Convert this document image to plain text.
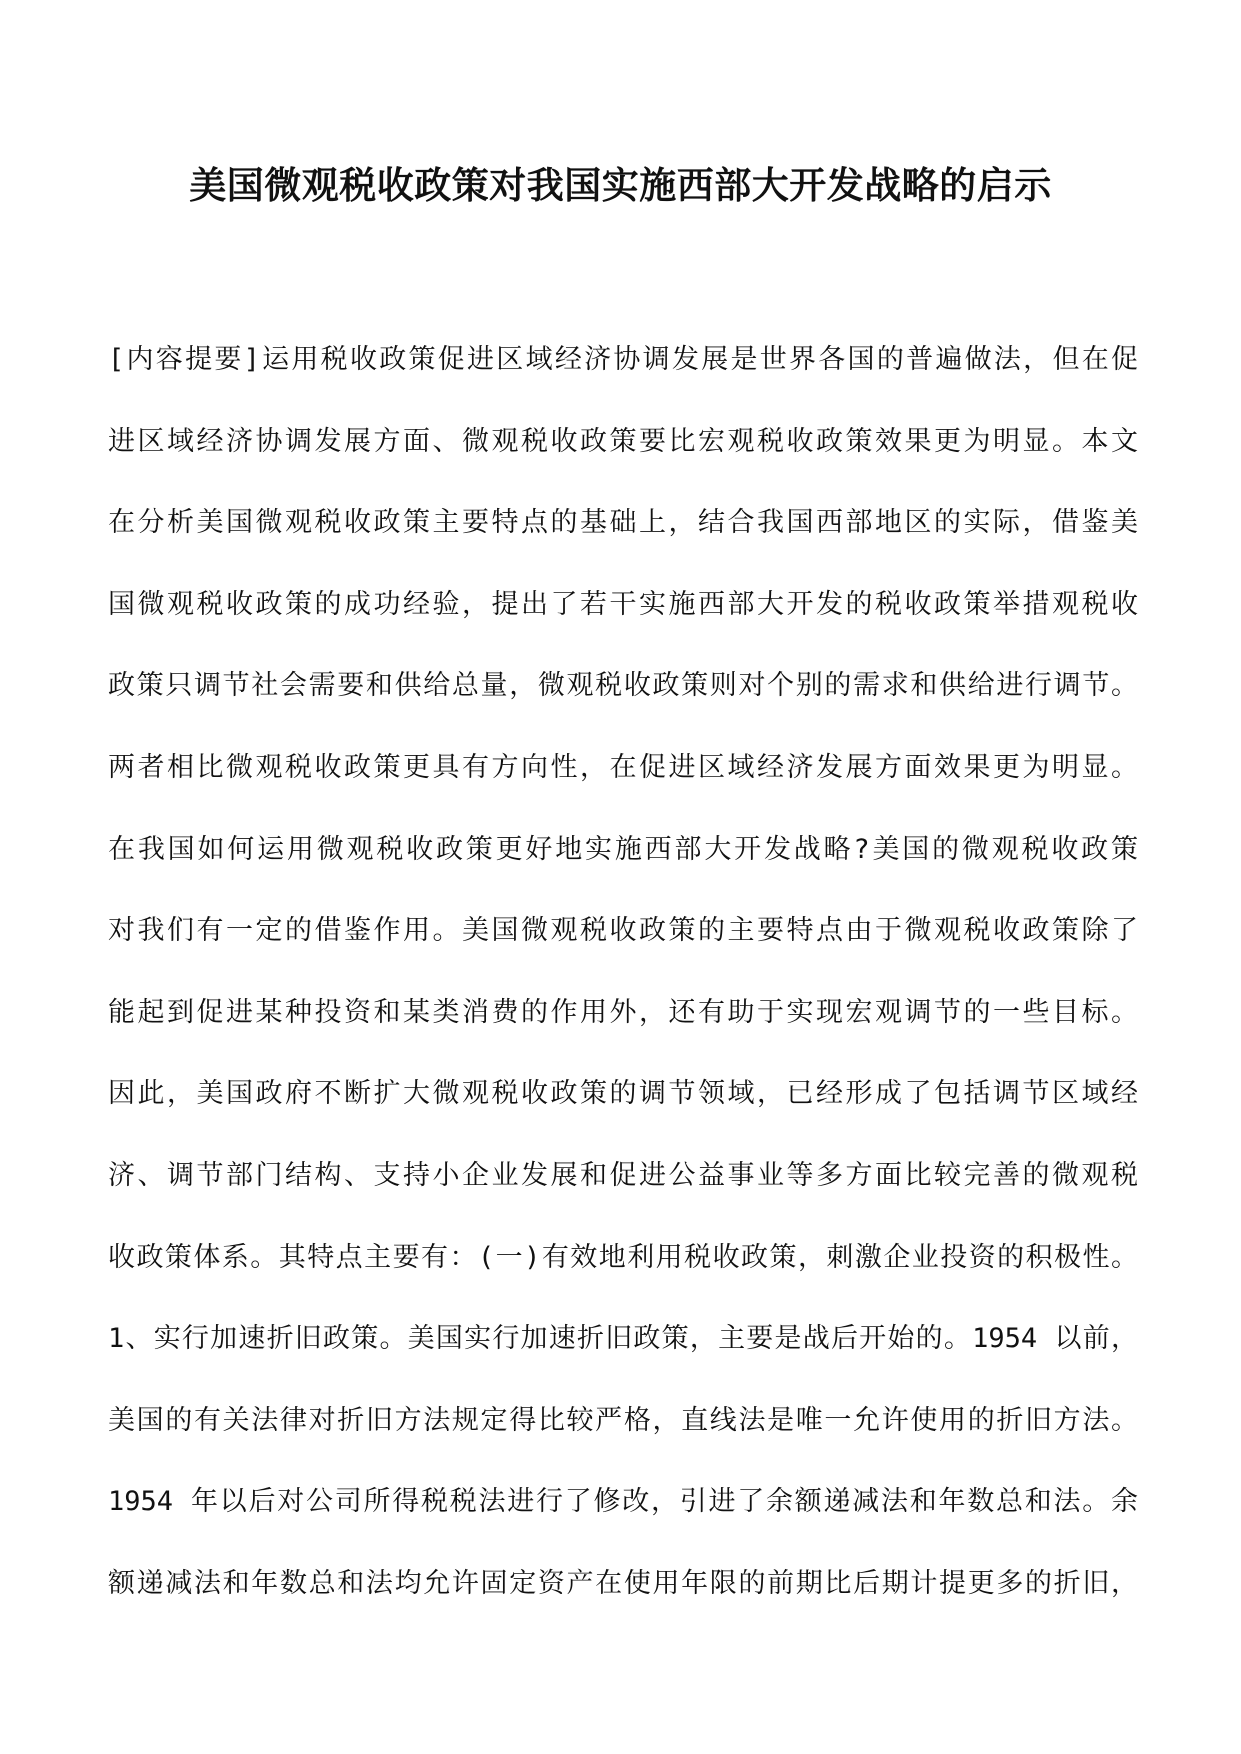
美国微观税收政策对我国实施西部大开发战略的启示
[内容提要]运用税收政策促进区域经济协调发展是世界各国的普遍做法，但在促
进区域经济协调发展方面、微观税收政策要比宏观税收政策效果更为明显。本文
在分析美国微观税收政策主要特点的基础上，结合我国西部地区的实际，借鉴美
国微观税收政策的成功经验，提出了若干实施西部大开发的税收政策举措观税收
政策只调节社会需要和供给总量，微观税收政策则对个别的需求和供给进行调节。
两者相比微观税收政策更具有方向性，在促进区域经济发展方面效果更为明显。
在我国如何运用微观税收政策更好地实施西部大开发战略?美国的微观税收政策
对我们有一定的借鉴作用。美国微观税收政策的主要特点由于微观税收政策除了
能起到促进某种投资和某类消费的作用外，还有助于实现宏观调节的一些目标。
因此，美国政府不断扩大微观税收政策的调节领域，已经形成了包括调节区域经
济、调节部门结构、支持小企业发展和促进公益事业等多方面比较完善的微观税
收政策体系。其特点主要有：(一)有效地利用税收政策，刺激企业投资的积极性。
1、实行加速折旧政策。美国实行加速折旧政策，主要是战后开始的。1954 以前，
美国的有关法律对折旧方法规定得比较严格，直线法是唯一允许使用的折旧方法。
1954 年以后对公司所得税税法进行了修改，引进了余额递减法和年数总和法。余
额递减法和年数总和法均允许固定资产在使用年限的前期比后期计提更多的折旧，
